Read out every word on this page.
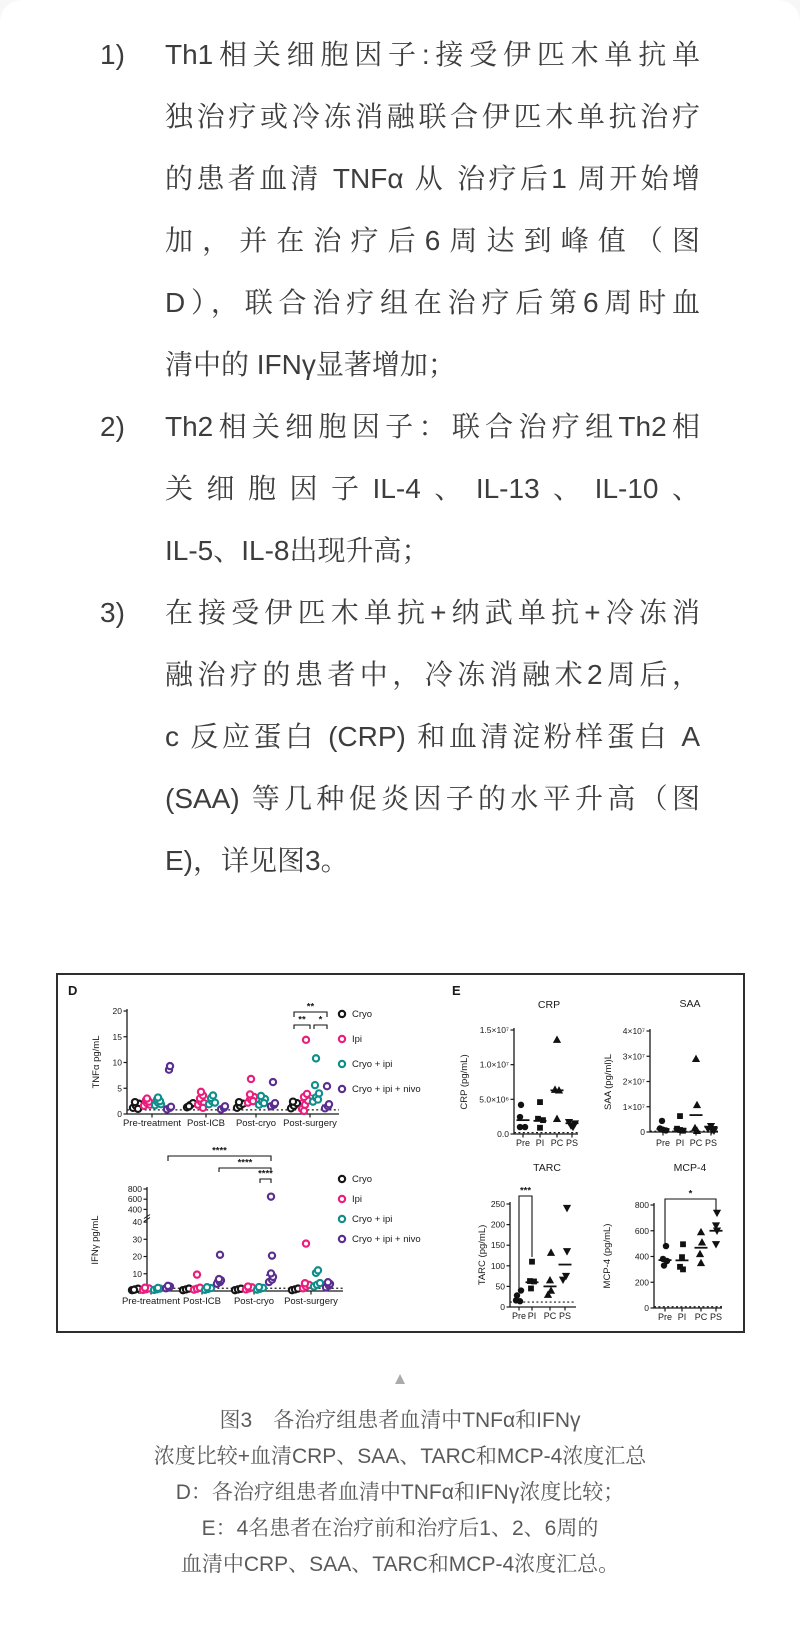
1)	Th1相关细胞因子:接受伊匹木单抗单
独治疗或冷冻消融联合伊匹木单抗治疗
的患者血清 TNFα 从 治疗后1 周开始增
加，并在治疗后6周达到峰值（图
D），联合治疗组在治疗后第6周时血
清中的 IFNγ显著增加；
2)	Th2相关细胞因子：联合治疗组Th2相
关细胞因子IL-4、IL-13、IL-10、
IL-5、IL-8出现升高；
3)	在接受伊匹木单抗+纳武单抗+冷冻消
融治疗的患者中，冷冻消融术2周后，
c 反应蛋白 (CRP) 和血清淀粉样蛋白 A
(SAA) 等几种促炎因子的水平升高（图
E)，详见图3。
D	E
TNFα pg/mL
0
5
10
15
20
Pre-treatment Post-ICB Post-cryo Post-surgery
Cryo
Ipi
Cryo + ipi
Cryo + ipi + nivo
**
** *
IFNγ pg/mL
10
20
30
40
400
600
800
Pre-treatment Post-ICB Post-cryo Post-surgery
Cryo
Ipi
Cryo + ipi
Cryo + ipi + nivo
****
****
****
CRP
CRP (pg/mL)
0.0
5.0×10⁶
1.0×10⁷
1.5×10⁷
Pre PI PC PS
SAA
SAA (pg/ml)L
0
1×10⁷
2×10⁷
3×10⁷
4×10⁷
Pre PI PC PS
TARC
TARC (pg/mL)
0
50
100
150
200
250
Pre PI PC PS
***
MCP-4
MCP-4 (pg/mL)
0
200
400
600
800
Pre PI PC PS
*
▲
图3　各治疗组患者血清中TNFα和IFNγ
浓度比较+血清CRP、SAA、TARC和MCP-4浓度汇总
D：各治疗组患者血清中TNFα和IFNγ浓度比较；
E：4名患者在治疗前和治疗后1、2、6周的
血清中CRP、SAA、TARC和MCP-4浓度汇总。
